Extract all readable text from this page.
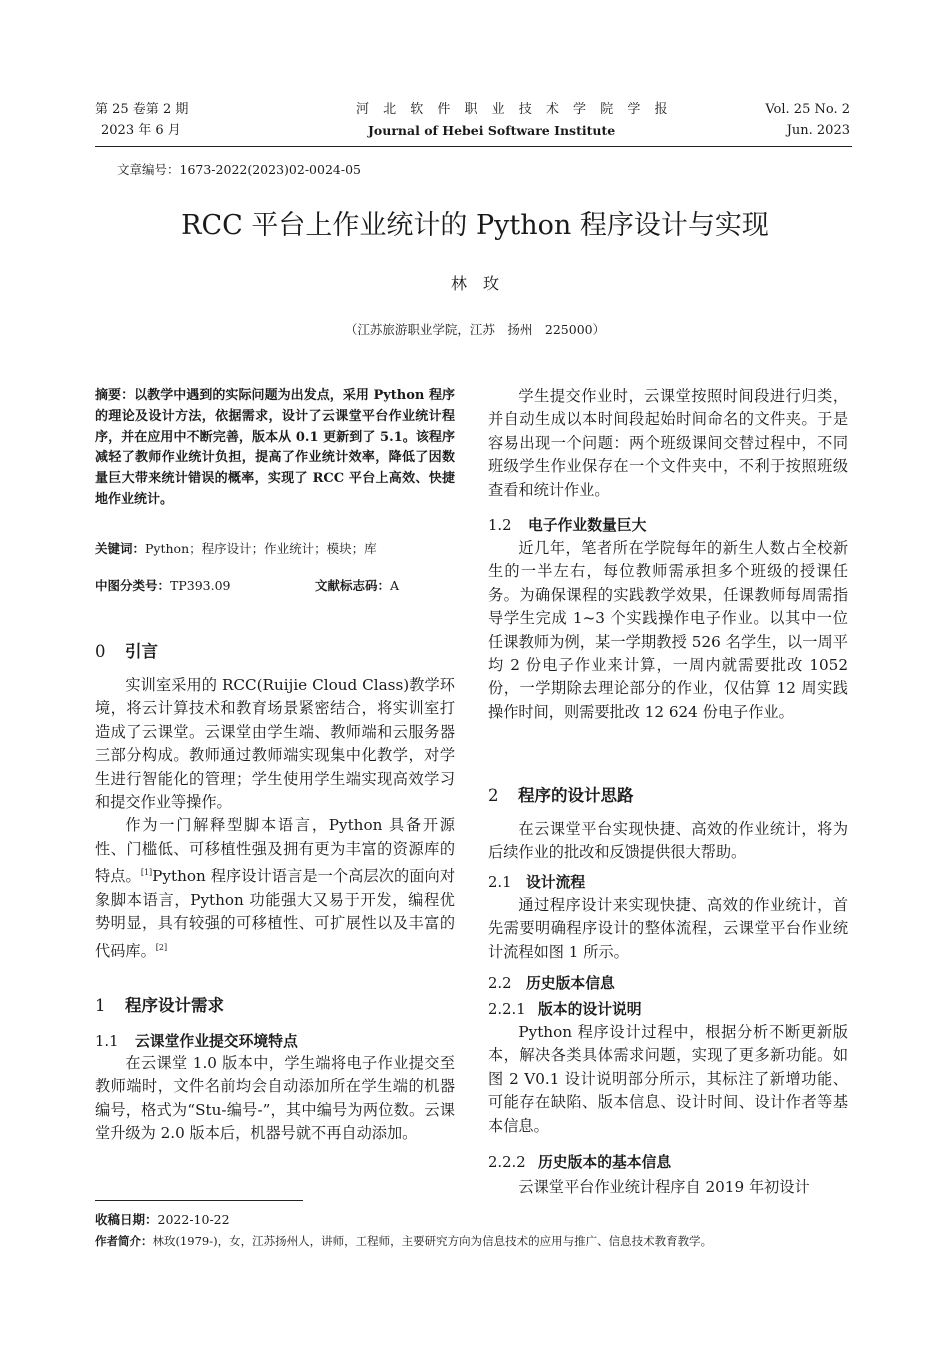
第 25 卷第 2 期
2023 年 6 月
河 北 软 件 职 业 技 术 学 院 学 报
Journal of Hebei Software Institute
Vol. 25 No. 2
Jun. 2023
文章编号：1673-2022(2023)02-0024-05
RCC 平台上作业统计的 Python 程序设计与实现
林　玫
（江苏旅游职业学院，江苏　扬州　225000）
摘要：以教学中遇到的实际问题为出发点，采用 Python 程序的理论及设计方法，依据需求，设计了云课堂平台作业统计程序，并在应用中不断完善，版本从 0.1 更新到了 5.1。该程序减轻了教师作业统计负担，提高了作业统计效率，降低了因数量巨大带来统计错误的概率，实现了 RCC 平台上高效、快捷地作业统计。
关键词：Python；程序设计；作业统计；模块；库
中图分类号：TP393.09	文献标志码：A
0 引言

实训室采用的 RCC(Ruijie Cloud Class)教学环境，将云计算技术和教育场景紧密结合，将实训室打造成了云课堂。云课堂由学生端、教师端和云服务器三部分构成。教师通过教师端实现集中化教学，对学生进行智能化的管理；学生使用学生端实现高效学习和提交作业等操作。

作为一门解释型脚本语言，Python 具备开源性、门槛低、可移植性强及拥有更为丰富的资源库的特点。[1]Python 程序设计语言是一个高层次的面向对象脚本语言，Python 功能强大又易于开发，编程优势明显，具有较强的可移植性、可扩展性以及丰富的代码库。[2]

1 程序设计需求
1.1 云课堂作业提交环境特点

在云课堂 1.0 版本中，学生端将电子作业提交至教师端时，文件名前均会自动添加所在学生端的机器编号，格式为“Stu-编号-”，其中编号为两位数。云课堂升级为 2.0 版本后，机器号就不再自动添加。

学生提交作业时，云课堂按照时间段进行归类，并自动生成以本时间段起始时间命名的文件夹。于是容易出现一个问题：两个班级课间交替过程中，不同班级学生作业保存在一个文件夹中，不利于按照班级查看和统计作业。

1.2 电子作业数量巨大

近几年，笔者所在学院每年的新生人数占全校新生的一半左右，每位教师需承担多个班级的授课任务。为确保课程的实践教学效果，任课教师每周需指导学生完成 1~3 个实践操作电子作业。以其中一位任课教师为例，某一学期教授 526 名学生，以一周平均 2 份电子作业来计算，一周内就需要批改 1052 份，一学期除去理论部分的作业，仅估算 12 周实践操作时间，则需要批改 12 624 份电子作业。

2 程序的设计思路

在云课堂平台实现快捷、高效的作业统计，将为后续作业的批改和反馈提供很大帮助。

2.1 设计流程

通过程序设计来实现快捷、高效的作业统计，首先需要明确程序设计的整体流程，云课堂平台作业统计流程如图 1 所示。

2.2 历史版本信息
2.2.1 版本的设计说明

Python 程序设计过程中，根据分析不断更新版本，解决各类具体需求问题，实现了更多新功能。如图 2 V0.1 设计说明部分所示，其标注了新增功能、可能存在缺陷、版本信息、设计时间、设计作者等基本信息。

2.2.2 历史版本的基本信息

云课堂平台作业统计程序自 2019 年初设计

收稿日期：2022-10-22
作者简介：林玫(1979-)，女，江苏扬州人，讲师，工程师，主要研究方向为信息技术的应用与推广、信息技术教育教学。
